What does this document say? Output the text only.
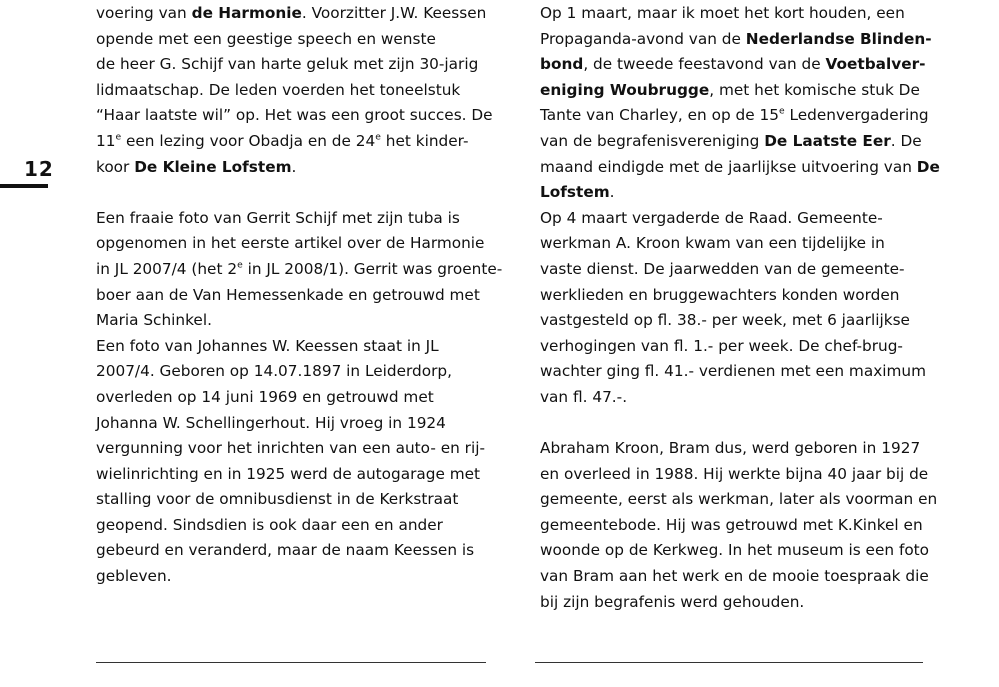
12
voering van de Harmonie. Voorzitter J.W. Keessen
opende met een geestige speech en wenste
de heer G. Schijf van harte geluk met zijn 30-jarig
lidmaatschap. De leden voerden het toneelstuk
“Haar laatste wil” op. Het was een groot succes. De
11e een lezing voor Obadja en de 24e het kinder-
koor De Kleine Lofstem.
Een fraaie foto van Gerrit Schijf met zijn tuba is
opgenomen in het eerste artikel over de Harmonie
in JL 2007/4 (het 2e in JL 2008/1). Gerrit was groente-
boer aan de Van Hemessenkade en getrouwd met
Maria Schinkel.
Een foto van Johannes W. Keessen staat in JL
2007/4. Geboren op 14.07.1897 in Leiderdorp,
overleden op 14 juni 1969 en getrouwd met
Johanna W. Schellingerhout. Hij vroeg in 1924
vergunning voor het inrichten van een auto- en rij-
wielinrichting en in 1925 werd de autogarage met
stalling voor de omnibusdienst in de Kerkstraat
geopend. Sindsdien is ook daar een en ander
gebeurd en veranderd, maar de naam Keessen is
gebleven.
Op 1 maart, maar ik moet het kort houden, een
Propaganda-avond van de Nederlandse Blinden-
bond, de tweede feestavond van de Voetbalver-
eniging Woubrugge, met het komische stuk De
Tante van Charley, en op de 15e Ledenvergadering
van de begrafenisvereniging De Laatste Eer. De
maand eindigde met de jaarlijkse uitvoering van De
Lofstem.
Op 4 maart vergaderde de Raad. Gemeente-
werkman A. Kroon kwam van een tijdelijke in
vaste dienst. De jaarwedden van de gemeente-
werklieden en bruggewachters konden worden
vastgesteld op fl. 38.- per week, met 6 jaarlijkse
verhogingen van fl. 1.- per week. De chef-brug-
wachter ging fl. 41.- verdienen met een maximum
van fl. 47.-.
Abraham Kroon, Bram dus, werd geboren in 1927
en overleed in 1988. Hij werkte bijna 40 jaar bij de
gemeente, eerst als werkman, later als voorman en
gemeentebode. Hij was getrouwd met K.Kinkel en
woonde op de Kerkweg. In het museum is een foto
van Bram aan het werk en de mooie toespraak die
bij zijn begrafenis werd gehouden.
